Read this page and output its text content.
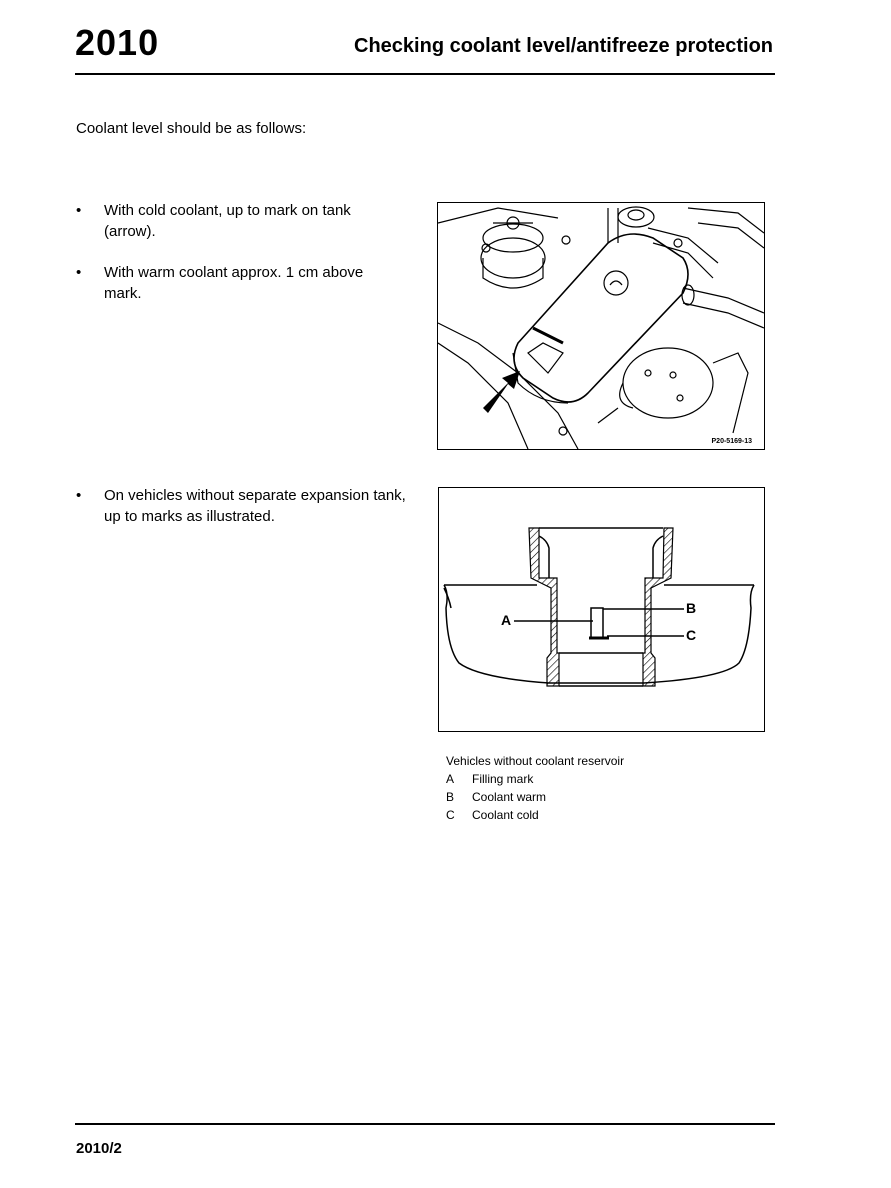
2010	Checking coolant level/antifreeze protection
Coolant level should be as follows:
• With cold coolant, up to mark on tank
(arrow).
• With warm coolant approx. 1 cm above
mark.
P20-5169-13
• On vehicles without separate expansion tank,
up to marks as illustrated.
A
B
C
Vehicles without coolant reservoir
A	Filling mark
B	Coolant warm
C	Coolant cold
2010/2
